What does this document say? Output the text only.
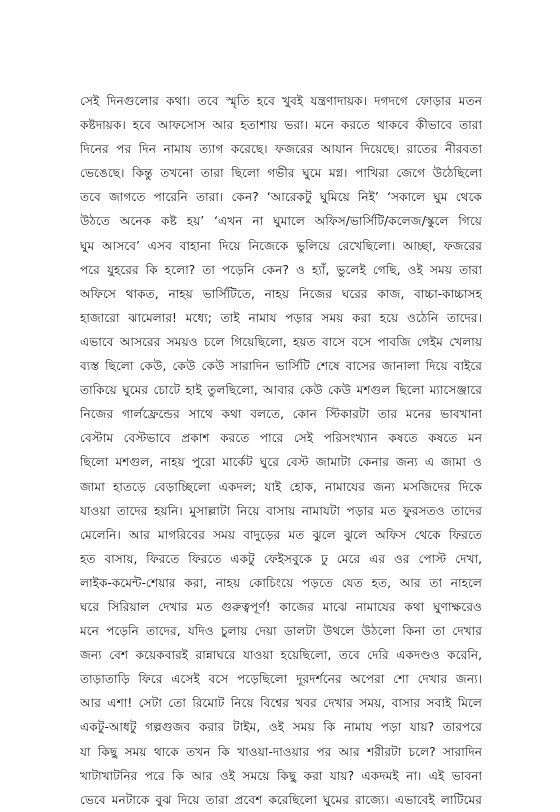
সেই দিনগুলোর কথা। তবে স্মৃতি হবে খুবই যন্ত্রণাদায়ক। দগদগে ফোড়ার মতন
কষ্টদায়ক। হবে আফসোস আর হতাশায় ভরা। মনে করতে থাকবে কীভাবে তারা
দিনের পর দিন নামায ত্যাগ করেছে। ফজরের আযান দিয়েছে। রাতের নীরবতা
ভেঙেছে। কিন্তু তখনো তারা ছিলো গভীর ঘুমে মগ্ন। পাখিরা জেগে উঠেছিলো
তবে জাগতে পারেনি তারা। কেন? ‘আরেকটু ঘুমিয়ে নিই’ ‘সকালে ঘুম থেকে
উঠতে অনেক কষ্ট হয়’ ‘এখন না ঘুমালে অফিস/ভার্সিটি/কলেজ/স্কুলে গিয়ে
ঘুম আসবে’ এসব বাহানা দিয়ে নিজেকে ভুলিয়ে রেখেছিলো। আচ্ছা, ফজরের
পরে যুহরের কি হলো? তা পড়েনি কেন? ও হ্যাঁ, ভুলেই গেছি, ওই সময় তারা
অফিসে থাকত, নাহয় ভার্সিটিতে, নাহয় নিজের ঘরের কাজ, বাচ্চা-কাচ্চাসহ
হাজারো ঝামেলার! মধ্যে; তাই নামায পড়ার সময় করা হয়ে ওঠেনি তাদের।
এভাবে আসরের সময়ও চলে গিয়েছিলো, হয়ত বাসে বসে পাবজি গেইম খেলায়
ব্যস্ত ছিলো কেউ, কেউ কেউ সারাদিন ভার্সিটি শেষে বাসের জানালা দিয়ে বাইরে
তাকিয়ে ঘুমের চোটে হাই তুলছিলো, আবার কেউ কেউ মশগুল ছিলো ম্যাসেঞ্জারে
নিজের গার্লফ্রেন্ডের সাথে কথা বলতে, কোন স্টিকারটা তার মনের ভাবখানা
বেস্টাম বেস্টভাবে প্রকাশ করতে পারে সেই পরিসংখ্যান কষতে কষতে মন
ছিলো মশগুল, নাহয় পুরো মার্কেট ঘুরে বেস্ট জামাটা কেনার জন্য এ জামা ও
জামা হাতড়ে বেড়াচ্ছিলো একদল; যাই হোক, নামাযের জন্য মসজিদের দিকে
যাওয়া তাদের হয়নি। মুসাল্লাটা নিয়ে বাসায় নামাযটা পড়ার মত ফুরসতও তাদের
মেলেনি। আর মাগরিবের সময় বাদুড়ের মত ঝুলে ঝুলে অফিস থেকে ফিরতে
হত বাসায়, ফিরতে ফিরতে একটু ফেইসবুকে ঢু মেরে এর ওর পোস্ট দেখা,
লাইক-কমেন্ট-শেয়ার করা, নাহয় কোচিংয়ে পড়তে যেত হত, আর তা নাহলে
ঘরে সিরিয়াল দেখার মত গুরুত্বপূর্ণ! কাজের মাঝে নামাযের কথা ঘুণাক্ষরেও
মনে পড়েনি তাদের, যদিও চুলায় দেয়া ডালটা উথলে উঠলো কিনা তা দেখার
জন্য বেশ কয়েকবারই রান্নাঘরে যাওয়া হয়েছিলো, তবে দেরি একদণ্ডও করেনি,
তাড়াতাড়ি ফিরে এসেই বসে পড়েছিলো দূরদর্শনের অপেরা শো দেখার জন্য।
আর এশা! সেটা তো রিমোট নিয়ে বিশ্বের খবর দেখার সময়, বাসার সবাই মিলে
একটু-আধটু গল্পগুজব করার টাইম, ওই সময় কি নামায পড়া যায়? তারপরে
যা কিছু সময় থাকে তখন কি খাওয়া-দাওয়ার পর আর শরীরটা চলে? সারাদিন
খাটাখাটনির পরে কি আর ওই সময়ে কিছু করা যায়? একদমই না। এই ভাবনা
ভেবে মনটাকে বুঝ দিয়ে তারা প্রবেশ করেছিলো ঘুমের রাজ্যে। এভাবেই লাটিমের
